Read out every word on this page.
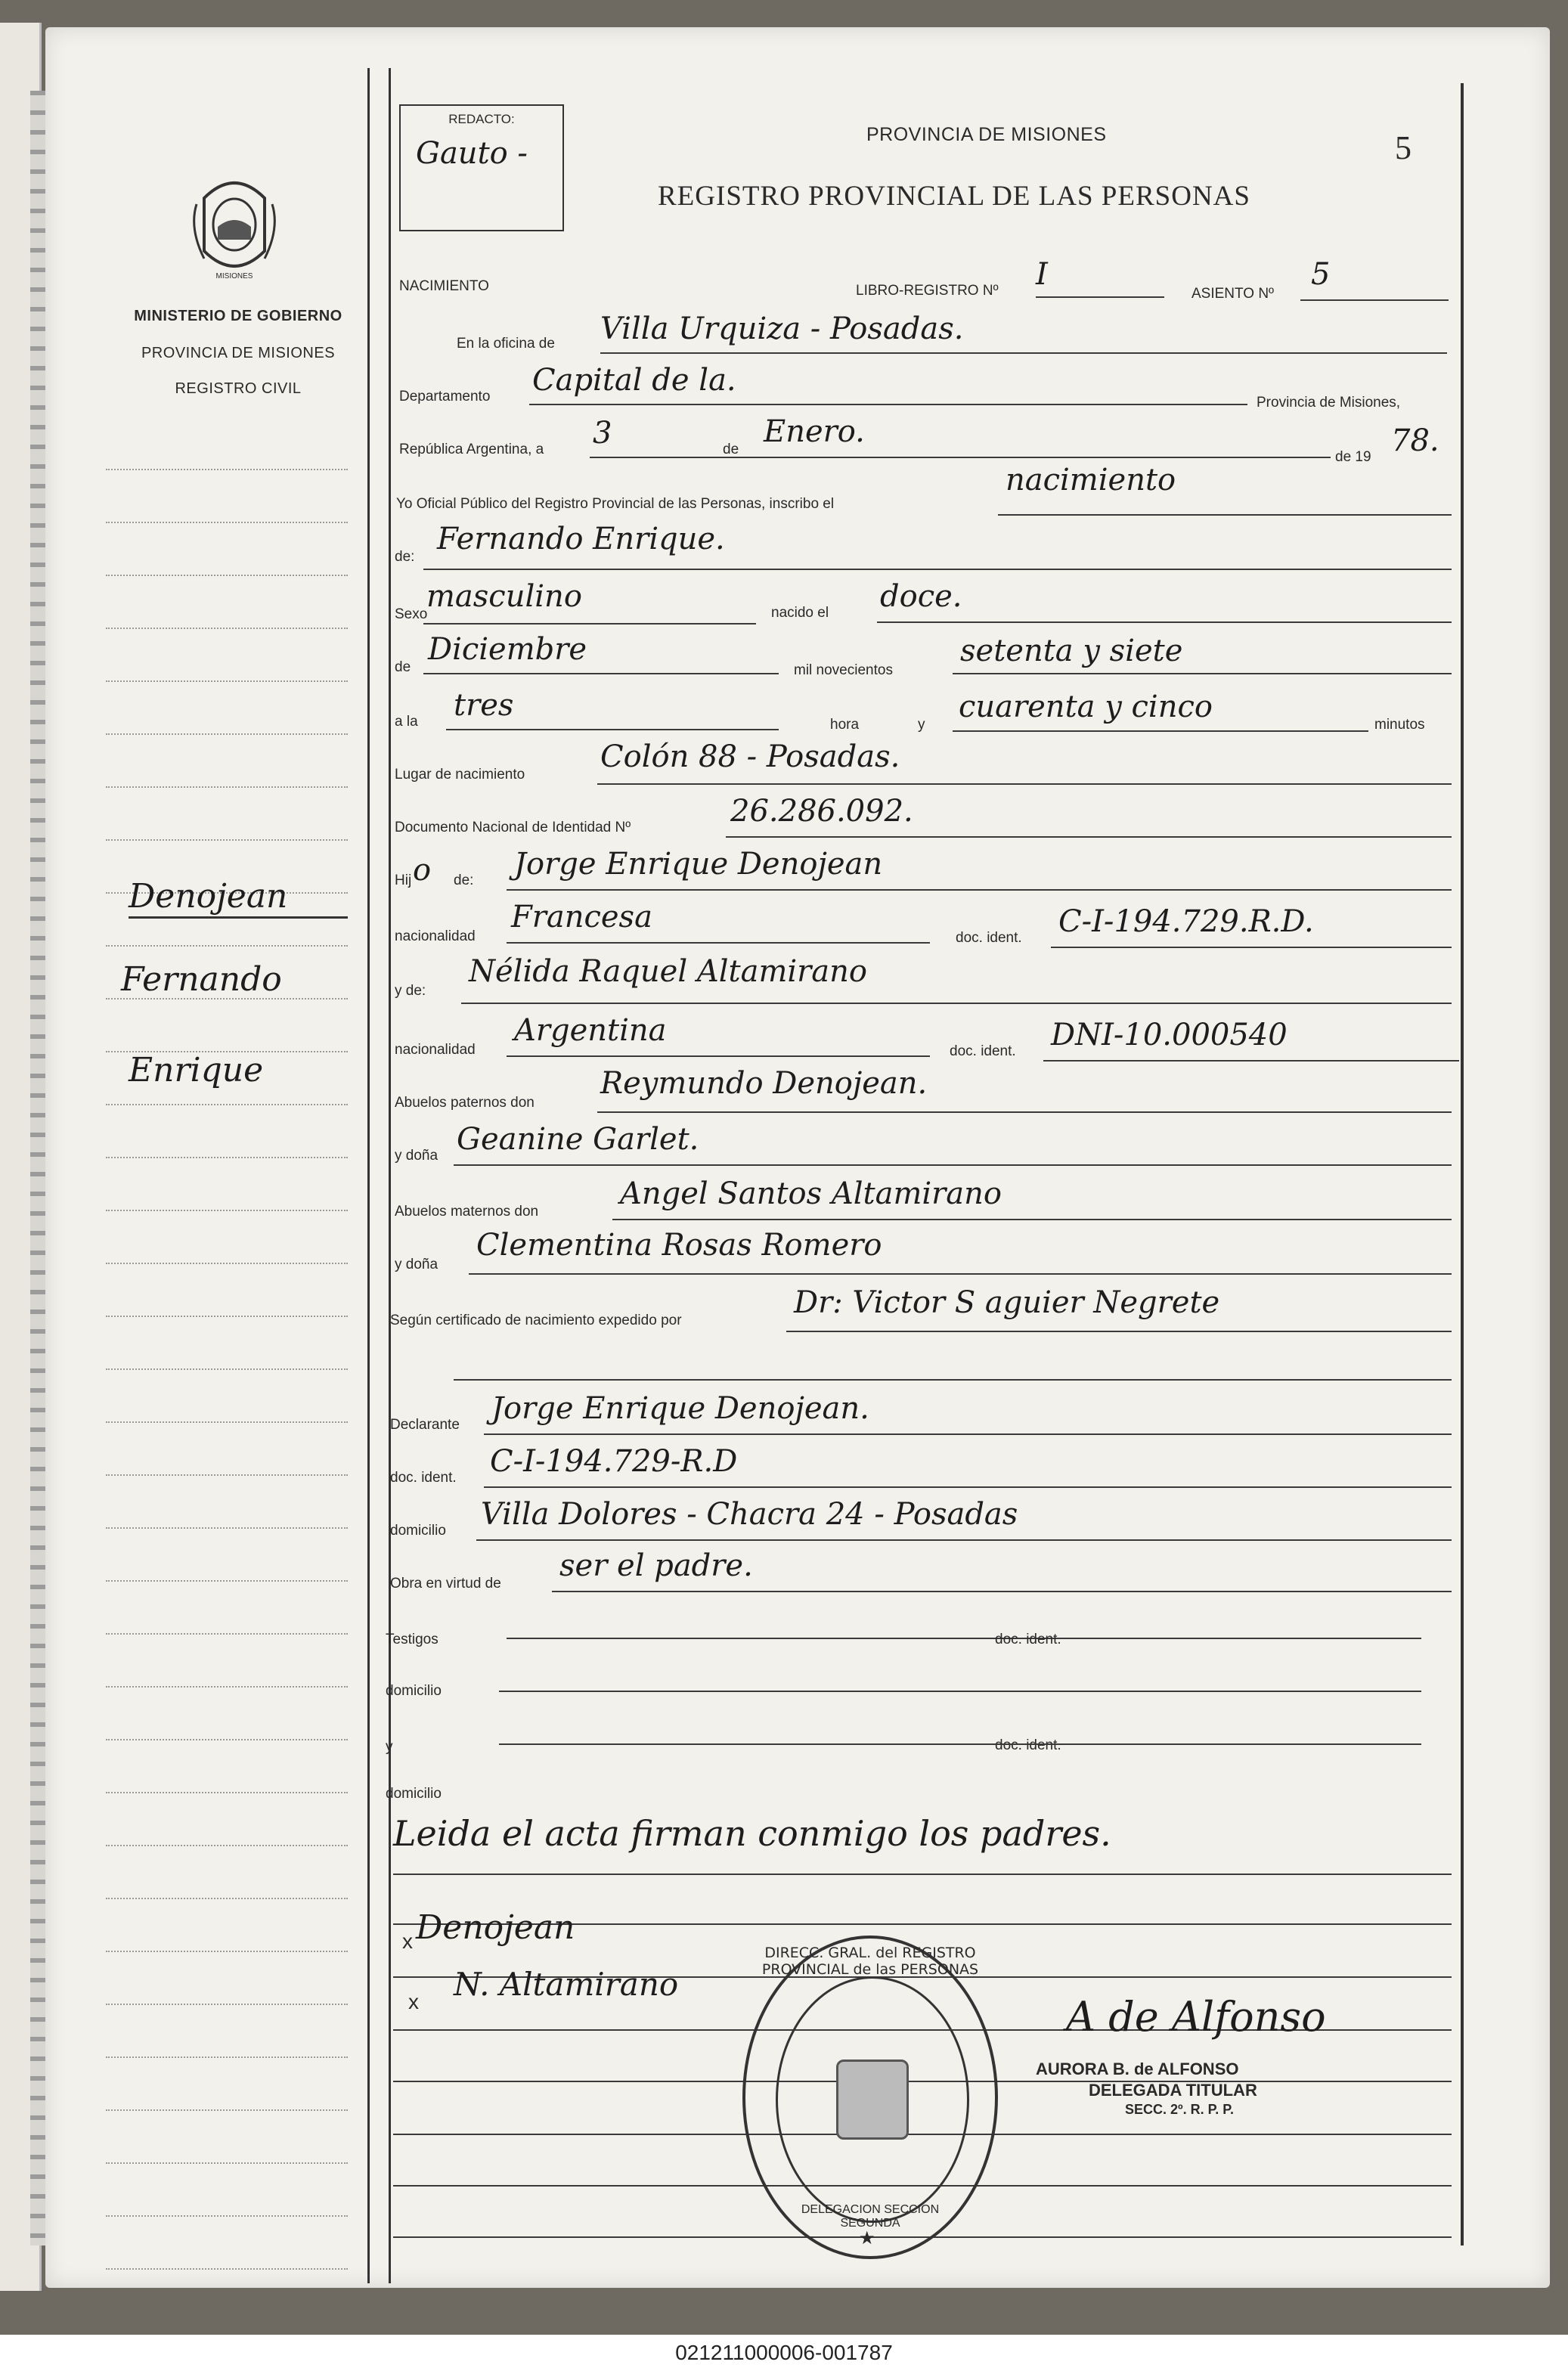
MISIONES
MINISTERIO DE GOBIERNO
PROVINCIA DE MISIONES
REGISTRO CIVIL
Denojean
Fernando
Enrique
REDACTO:
Gauto -
PROVINCIA DE MISIONES
REGISTRO PROVINCIAL DE LAS PERSONAS
5
NACIMIENTO	LIBRO-REGISTRO Nº I
ASIENTO Nº
5
En la oficina de Villa Urquiza - Posadas.
Departamento Capital de la.
Provincia de Misiones,
República Argentina, a 3	de
Enero.
de 19 78.
Yo Oficial Público del Registro Provincial de las Personas, inscribo el
nacimiento
de:
Fernando Enrique.
Sexo
masculino	nacido el doce.
de
Diciembre
mil novecientos
setenta y siete
a la tres
hora	y
cuarenta y cinco
minutos
Lugar de nacimiento
Colón 88 - Posadas.
Documento Nacional de Identidad Nº	26.286.092.
Hij o de: Jorge Enrique Denojean
nacionalidad
Francesa
doc. ident. C-I-194.729.R.D.
y de:
Nélida Raquel Altamirano
nacionalidad
Argentina
doc. ident. DNI-10.000540
Abuelos paternos don
Reymundo Denojean.
y doña Geanine Garlet.
Abuelos maternos don
Angel Santos Altamirano
y doña
Clementina Rosas Romero
Según certificado de nacimiento expedido por
Dr: Victor S aguier Negrete
Declarante Jorge Enrique Denojean.
doc. ident. C-I-194.729-R.D
domicilio Villa Dolores - Chacra 24 - Posadas
Obra en virtud de
ser el padre.
Testigos	doc. ident.
domicilio
y	doc. ident.
domicilio
Leida el acta firman conmigo los padres.
DIRECC. GRAL. del REGISTRO PROVINCIAL de las PERSONAS
DELEGACION SECCION SEGUNDA
★
Denojean
x
N. Altamirano
x	A de Alfonso
AURORA B. de ALFONSO
DELEGADA TITULAR
SECC. 2º. R. P. P.
021211000006-001787
